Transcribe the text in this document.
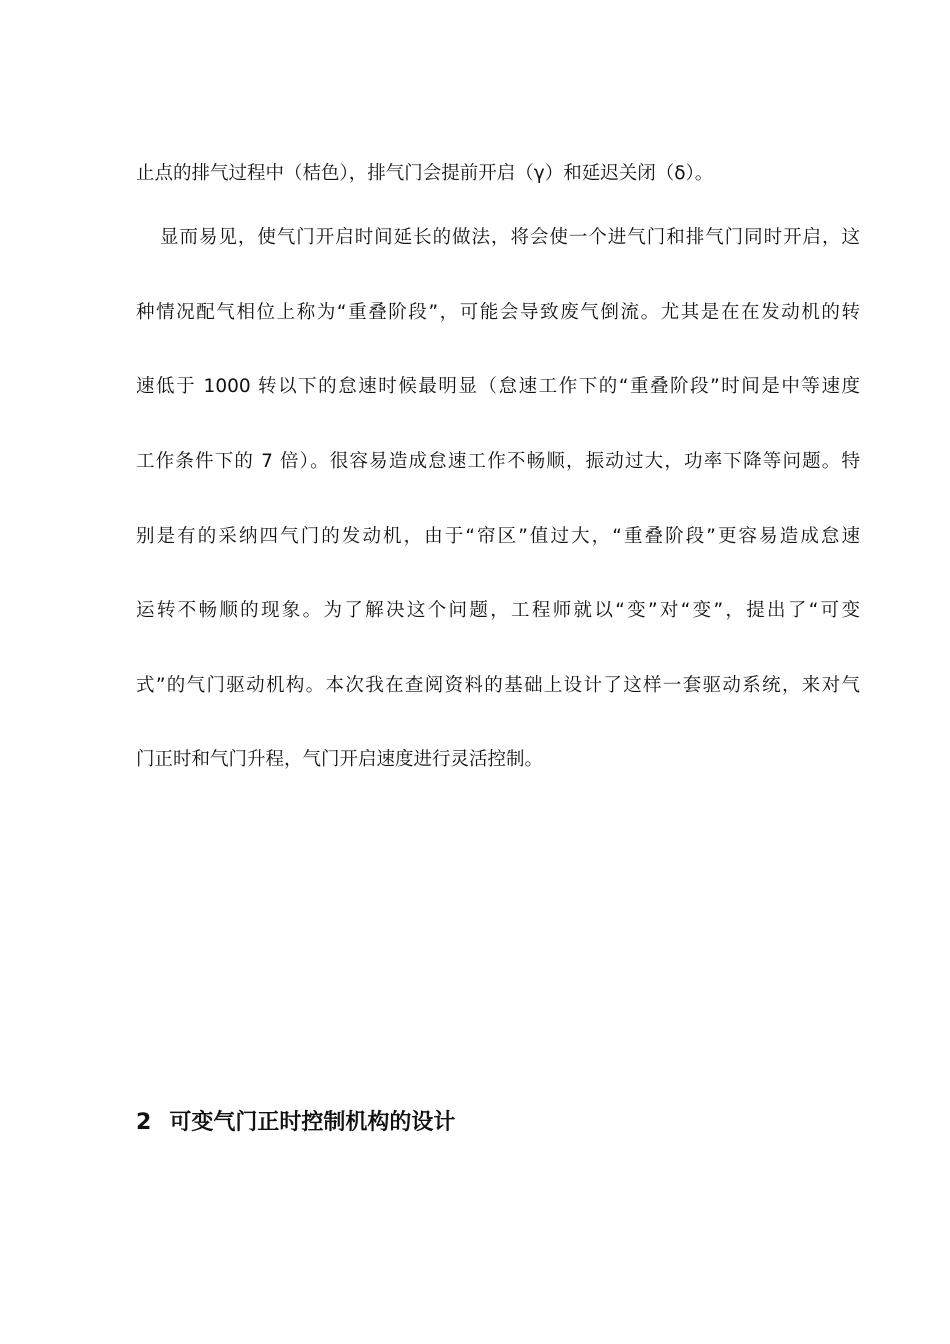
止点的排气过程中（桔色），排气门会提前开启（γ）和延迟关闭（δ）。
显而易见，使气门开启时间延长的做法，将会使一个进气门和排气门同时开启，这
种情况配气相位上称为“重叠阶段”，可能会导致废气倒流。尤其是在在发动机的转
速低于 1000 转以下的怠速时候最明显（怠速工作下的“重叠阶段”时间是中等速度
工作条件下的 7 倍）。很容易造成怠速工作不畅顺，振动过大，功率下降等问题。特
别是有的采纳四气门的发动机，由于“帘区”值过大，“重叠阶段”更容易造成怠速
运转不畅顺的现象。为了解决这个问题，工程师就以“变”对“变”，提出了“可变
式”的气门驱动机构。本次我在查阅资料的基础上设计了这样一套驱动系统，来对气
门正时和气门升程，气门开启速度进行灵活控制。
2 可变气门正时控制机构的设计
